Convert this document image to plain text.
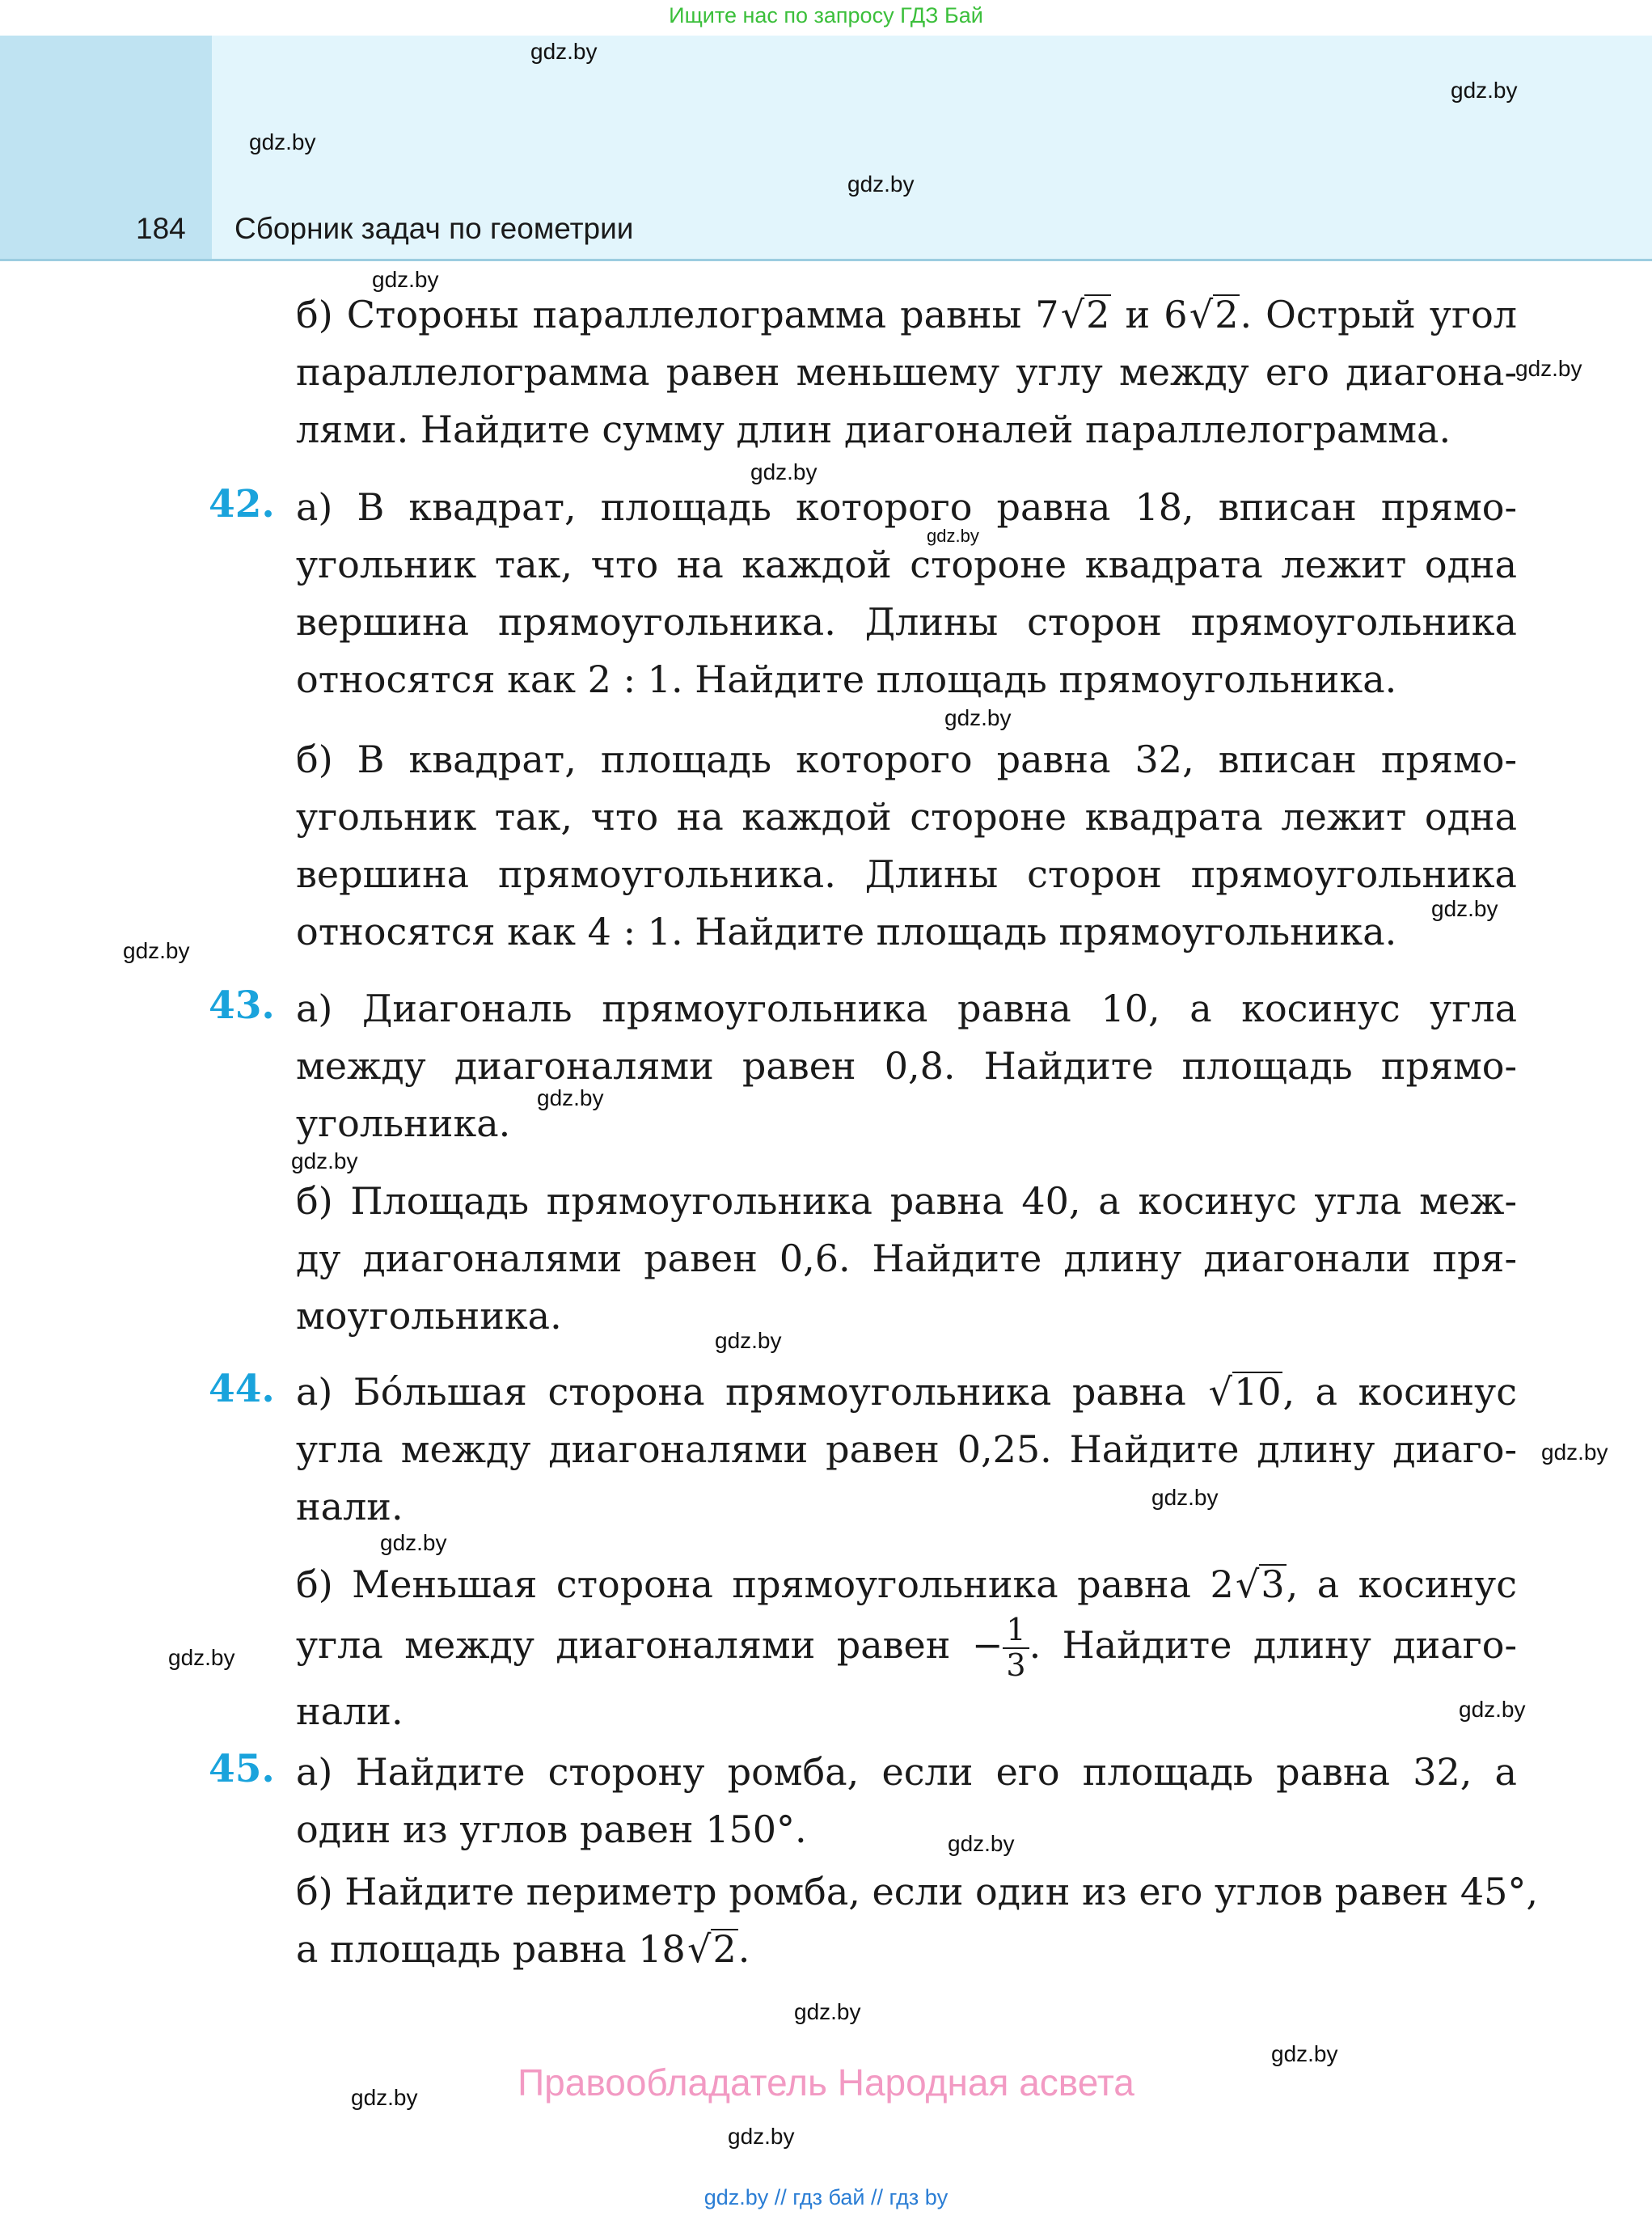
Ищите нас по запросу ГДЗ Бай
184 Сборник задач по геометрии
gdz.by
gdz.by
gdz.by
gdz.by
gdz.by
gdz.by
gdz.by
gdz.by
gdz.by
gdz.by
gdz.by
gdz.by
gdz.by
gdz.by
gdz.by
gdz.by
gdz.by
gdz.by
gdz.by
gdz.by
gdz.by
gdz.by
gdz.by
gdz.by
б) Стороны параллелограмма равны 7√2 и 6√2. Острый угол
параллелограмма равен меньшему углу между его диагона-
лями. Найдите сумму длин диагоналей параллелограмма.
42. а) В квадрат, площадь которого равна 18, вписан прямо-
угольник так, что на каждой стороне квадрата лежит одна
вершина прямоугольника. Длины сторон прямоугольника
относятся как 2 : 1. Найдите площадь прямоугольника.
б) В квадрат, площадь которого равна 32, вписан прямо-
угольник так, что на каждой стороне квадрата лежит одна
вершина прямоугольника. Длины сторон прямоугольника
относятся как 4 : 1. Найдите площадь прямоугольника.
43. а) Диагональ прямоугольника равна 10, а косинус угла
между диагоналями равен 0,8. Найдите площадь прямо-
угольника.
б) Площадь прямоугольника равна 40, а косинус угла меж-
ду диагоналями равен 0,6. Найдите длину диагонали пря-
моугольника.
44. а) Бо́льшая сторона прямоугольника равна √10, а косинус
угла между диагоналями равен 0,25. Найдите длину диаго-
нали.
б) Меньшая сторона прямоугольника равна 2√3, а косинус
угла между диагоналями равен − $\frac{1}{3}$ . Найдите длину диаго-
нали.
45. а) Найдите сторону ромба, если его площадь равна 32, а
один из углов равен 150°.
б) Найдите периметр ромба, если один из его углов равен 45°,
а площадь равна 18√2.
Правообладатель Народная асвета
gdz.by // гдз бай // гдз by
